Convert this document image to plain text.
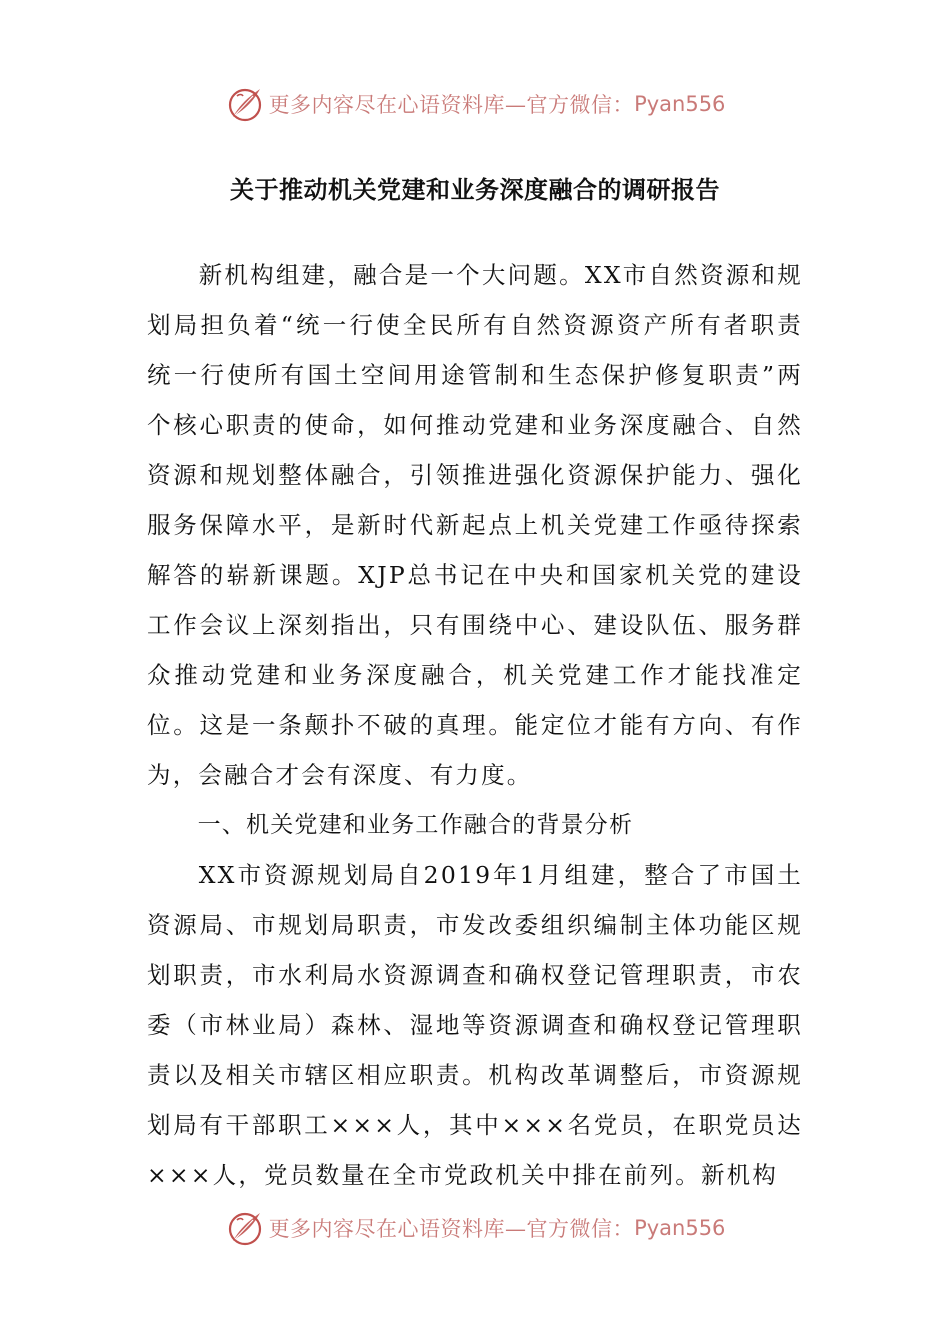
更多内容尽在心语资料库—官方微信： Pyan556
关于推动机关党建和业务深度融合的调研报告

新机构组建，融合是一个大问题。XX市自然资源和规划局担负着“统一行使全民所有自然资源资产所有者职责统一行使所有国土空间用途管制和生态保护修复职责”两个核心职责的使命，如何推动党建和业务深度融合、自然资源和规划整体融合，引领推进强化资源保护能力、强化服务保障水平，是新时代新起点上机关党建工作亟待探索解答的崭新课题。XJP总书记在中央和国家机关党的建设工作会议上深刻指出，只有围绕中心、建设队伍、服务群众推动党建和业务深度融合，机关党建工作才能找准定位。这是一条颠扑不破的真理。能定位才能有方向、有作为，会融合才会有深度、有力度。

一、机关党建和业务工作融合的背景分析

XX市资源规划局自2019年1月组建，整合了市国土资源局、市规划局职责，市发改委组织编制主体功能区规划职责，市水利局水资源调查和确权登记管理职责，市农委（市林业局）森林、湿地等资源调查和确权登记管理职责以及相关市辖区相应职责。机构改革调整后，市资源规划局有干部职工×××人，其中×××名党员，在职党员达×××人，党员数量在全市党政机关中排在前列。新机构

更多内容尽在心语资料库—官方微信： Pyan556
